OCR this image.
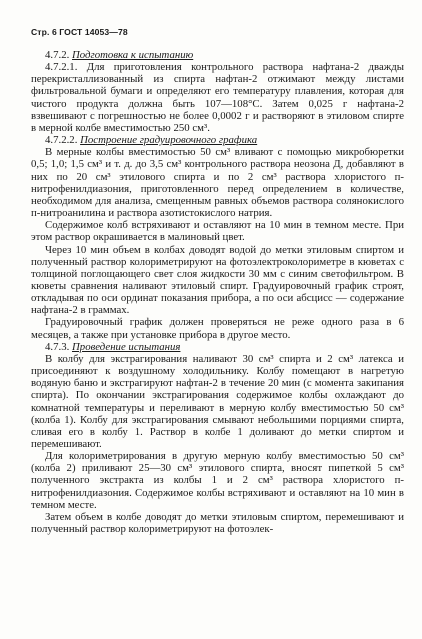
Стр. 6 ГОСТ 14053—78

4.7.2. Подготовка к испытанию

4.7.2.1. Для приготовления контрольного раствора нафтана-2 дважды перекристаллизованный из спирта нафтан-2 отжимают между листами фильтровальной бумаги и определяют его температуру плавления, которая для чистого продукта должна быть 107—108°С. Затем 0,025 г нафтана-2 взвешивают с погрешностью не более 0,0002 г и растворяют в этиловом спирте в мерной колбе вместимостью 250 см³.

4.7.2.2. Построение градуировочного графика

В мерные колбы вместимостью 50 см³ вливают с помощью микробюретки 0,5; 1,0; 1,5 см³ и т. д. до 3,5 см³ контрольного раствора неозона Д, добавляют в них по 20 см³ этилового спирта и по 2 см³ раствора хлористого п-нитрофенилдиазония, приготовленного перед определением в количестве, необходимом для анализа, смещенным равных объемов раствора солянокислого п-нитроанилина и раствора азотистокислого натрия.

Содержимое колб встряхивают и оставляют на 10 мин в темном месте. При этом раствор окрашивается в малиновый цвет.

Через 10 мин объем в колбах доводят водой до метки этиловым спиртом и полученный раствор колориметрируют на фотоэлектроколориметре в кюветах с толщиной поглощающего свет слоя жидкости 30 мм с синим светофильтром. В кюветы сравнения наливают этиловый спирт. Градуировочный график строят, откладывая по оси ординат показания прибора, а по оси абсцисс — содержание нафтана-2 в граммах.

Градуировочный график должен проверяться не реже одного раза в 6 месяцев, а также при установке прибора в другое место.

4.7.3. Проведение испытания

В колбу для экстрагирования наливают 30 см³ спирта и 2 см³ латекса и присоединяют к воздушному холодильнику. Колбу помещают в нагретую водяную баню и экстрагируют нафтан-2 в течение 20 мин (с момента закипания спирта). По окончании экстрагирования содержимое колбы охлаждают до комнатной температуры и переливают в мерную колбу вместимостью 50 см³ (колба 1). Колбу для экстрагирования смывают небольшими порциями спирта, сливая его в колбу 1. Раствор в колбе 1 доливают до метки спиртом и перемешивают.

Для колориметрирования в другую мерную колбу вместимостью 50 см³ (колба 2) приливают 25—30 см³ этилового спирта, вносят пипеткой 5 см³ полученного экстракта из колбы 1 и 2 см³ раствора хлористого п-нитрофенилдиазония. Содержимое колбы встряхивают и оставляют на 10 мин в темном месте.

Затем объем в колбе доводят до метки этиловым спиртом, перемешивают и полученный раствор колориметрируют на фотоэлек-
